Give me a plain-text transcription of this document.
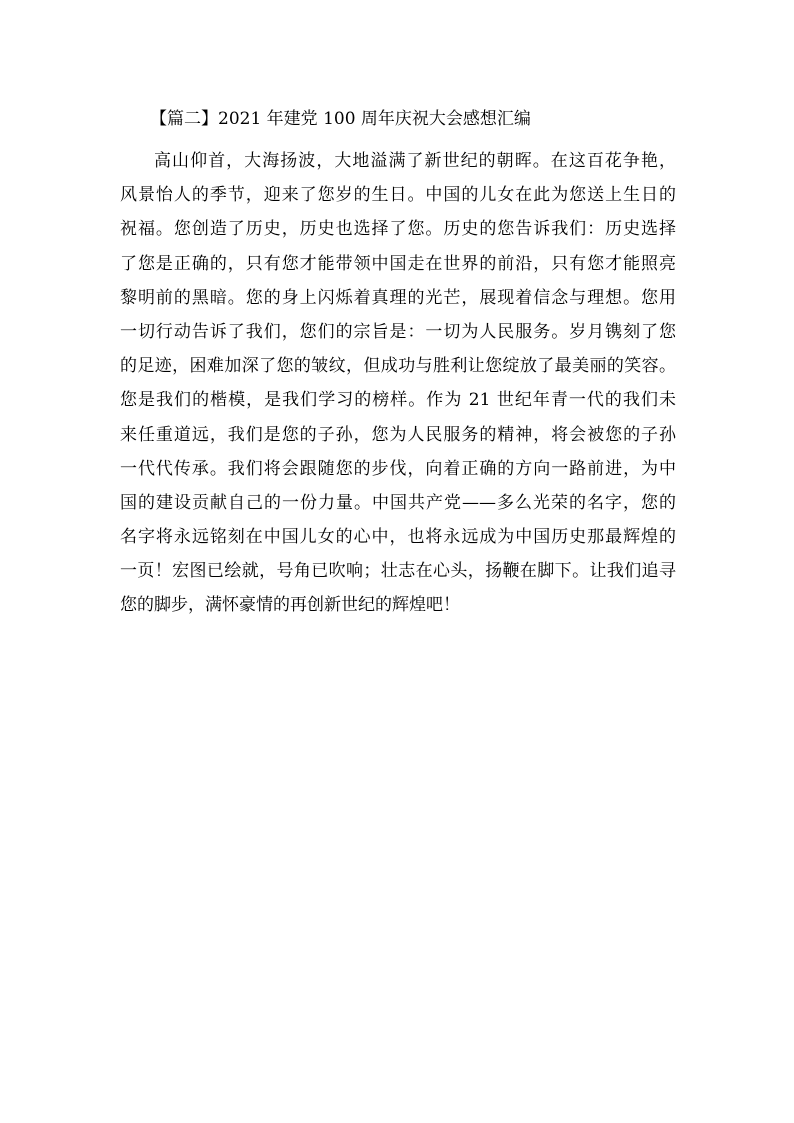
【篇二】2021 年建党 100 周年庆祝大会感想汇编
高山仰首，大海扬波，大地溢满了新世纪的朝晖。在这百花争艳，
风景怡人的季节，迎来了您岁的生日。中国的儿女在此为您送上生日的
祝福。您创造了历史，历史也选择了您。历史的您告诉我们：历史选择
了您是正确的，只有您才能带领中国走在世界的前沿，只有您才能照亮
黎明前的黑暗。您的身上闪烁着真理的光芒，展现着信念与理想。您用
一切行动告诉了我们，您们的宗旨是：一切为人民服务。岁月镌刻了您
的足迹，困难加深了您的皱纹，但成功与胜利让您绽放了最美丽的笑容。
您是我们的楷模，是我们学习的榜样。作为 21 世纪年青一代的我们未
来任重道远，我们是您的子孙，您为人民服务的精神，将会被您的子孙
一代代传承。我们将会跟随您的步伐，向着正确的方向一路前进，为中
国的建设贡献自己的一份力量。中国共产党——多么光荣的名字，您的
名字将永远铭刻在中国儿女的心中，也将永远成为中国历史那最辉煌的
一页！宏图已绘就，号角已吹响；壮志在心头，扬鞭在脚下。让我们追寻
您的脚步，满怀豪情的再创新世纪的辉煌吧！
